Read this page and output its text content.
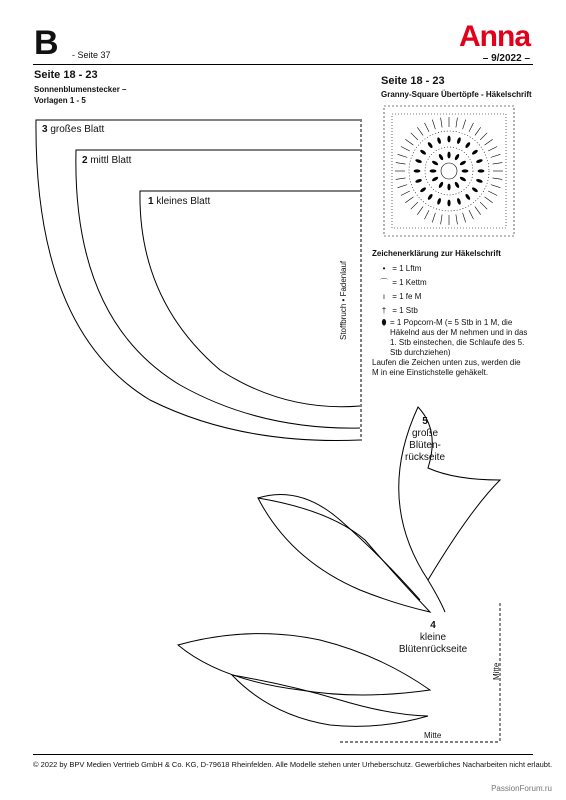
B - Seite 37
Anna
– 9/2022 –
Seite 18 - 23
Sonnenblumenstecker –
Vorlagen 1 - 5
Seite 18 - 23
Granny-Square Übertöpfe - Häkelschrift
3 großes Blatt
2 mittl Blatt
1 kleines Blatt
Stoffbruch • Fadenlauf
Zeichenerklärung zur Häkelschrift
• = 1 Lftm
⌒ = 1 Kettm
ı = 1 fe M
† = 1 Stb
⬮ = 1 Popcorn-M (= 5 Stb in 1 M, die Häkelnd aus der M nehmen und in das 1. Stb einstechen, die Schlaufe des 5. Stb durchziehen)
Laufen die Zeichen unten zus, werden die M in eine Einstichstelle gehäkelt.
5
große
Blüten-
rückseite
4
kleine
Blütenrückseite
Mitte
Mitte
© 2022 by BPV Medien Vertrieb GmbH & Co. KG, D-79618 Rheinfelden. Alle Modelle stehen unter Urheberschutz. Gewerbliches Nacharbeiten nicht erlaubt.
PassionForum.ru
